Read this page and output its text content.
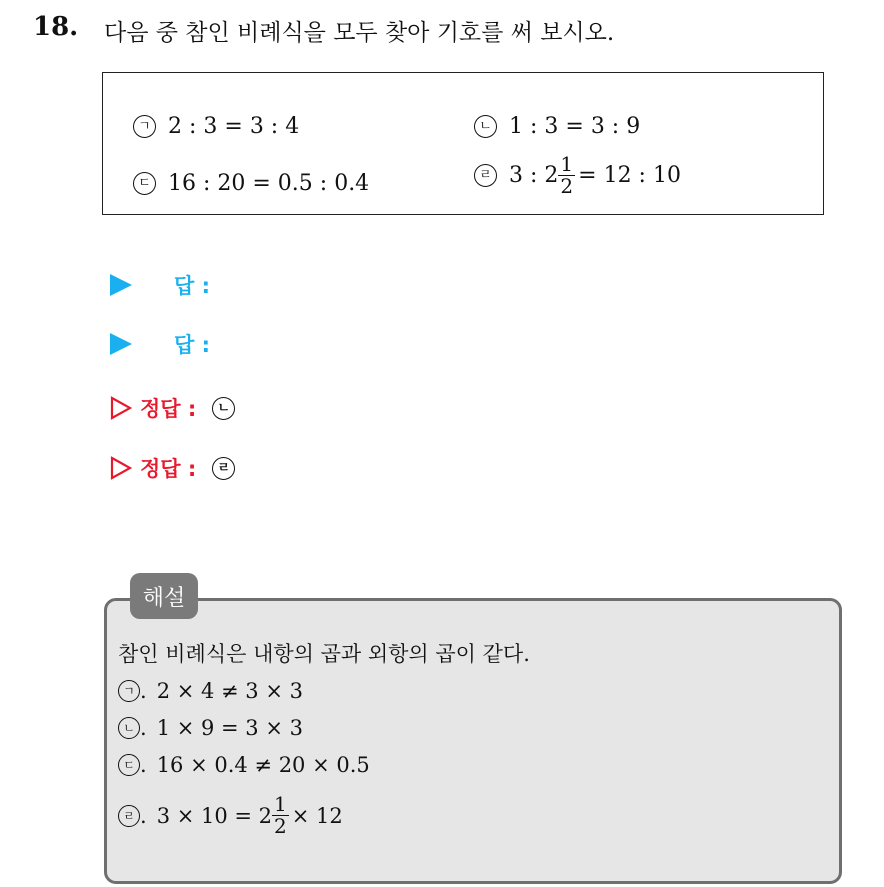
18. 다음 중 참인 비례식을 모두 찾아 기호를 써 보시오.
ㄱ 2 : 3 = 3 : 4	ㄴ 1 : 3 = 3 : 9
ㄷ 16 : 20 = 0.5 : 0.4	ㄹ 3 : $2 \frac{1}{2} = 12$ : 10
답 :
답 :
정답 :	ㄴ
정답 :	ㄹ
해설
참인 비례식은 내항의 곱과 외항의 곱이 같다.
ㄱ . 2 × 4 ≠ 3 × 3
ㄴ . 1 × 9 = 3 × 3
ㄷ . 16 × 0.4 ≠ 20 × 0.5
ㄹ . $3 \times 10 = 2 \frac{1}{2} \times 12$
